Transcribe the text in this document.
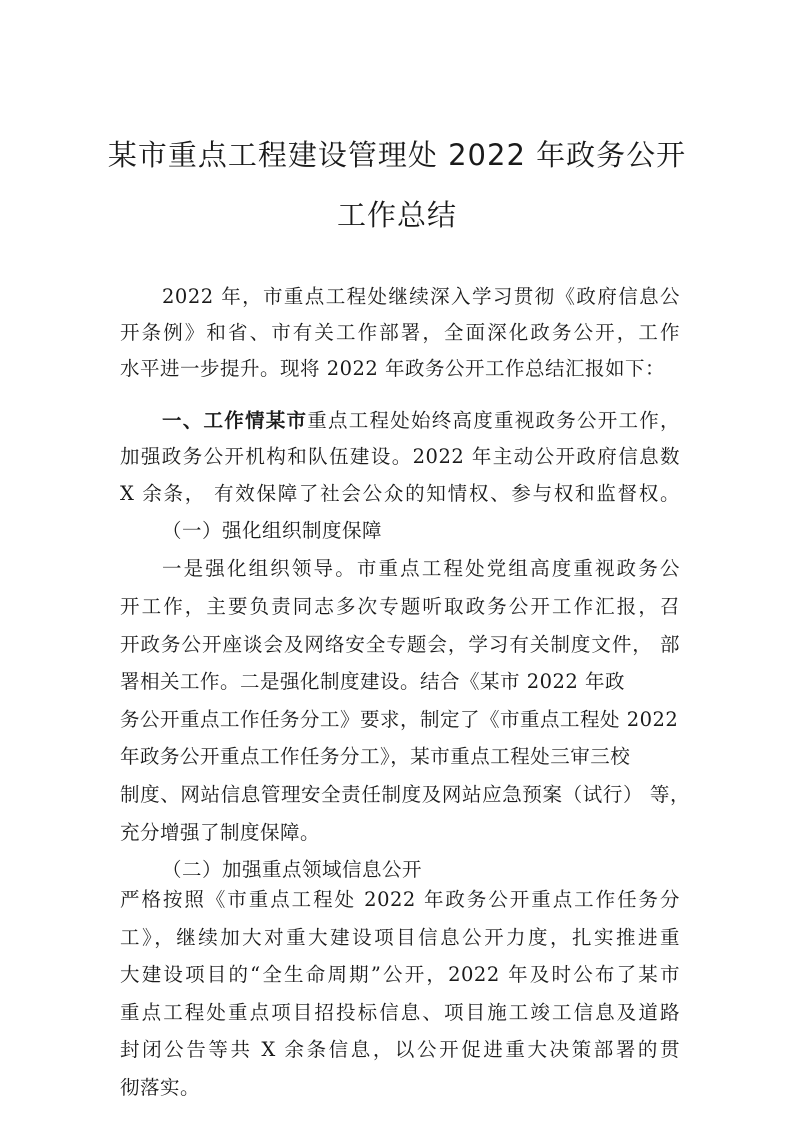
某市重点工程建设管理处 2022 年政务公开
工作总结
2022 年，市重点工程处继续深入学习贯彻《政府信息公
开条例》和省、市有关工作部署，全面深化政务公开，工作
水平进一步提升。现将 2022 年政务公开工作总结汇报如下：
一、工作情某市重点工程处始终高度重视政务公开工作，
加强政务公开机构和队伍建设。2022 年主动公开政府信息数
X 余条， 有效保障了社会公众的知情权、参与权和监督权。
（一）强化组织制度保障
一是强化组织领导。市重点工程处党组高度重视政务公
开工作，主要负责同志多次专题听取政务公开工作汇报，召
开政务公开座谈会及网络安全专题会，学习有关制度文件， 部
署相关工作。二是强化制度建设。结合《某市 2022 年政
务公开重点工作任务分工》要求，制定了《市重点工程处 2022
年政务公开重点工作任务分工》，某市重点工程处三审三校
制度、网站信息管理安全责任制度及网站应急预案（试行） 等，
充分增强了制度保障。
（二）加强重点领域信息公开
严格按照《市重点工程处 2022 年政务公开重点工作任务分
工》，继续加大对重大建设项目信息公开力度，扎实推进重
大建设项目的“全生命周期”公开，2022 年及时公布了某市
重点工程处重点项目招投标信息、项目施工竣工信息及道路
封闭公告等共 X 余条信息，以公开促进重大决策部署的贯
彻落实。
